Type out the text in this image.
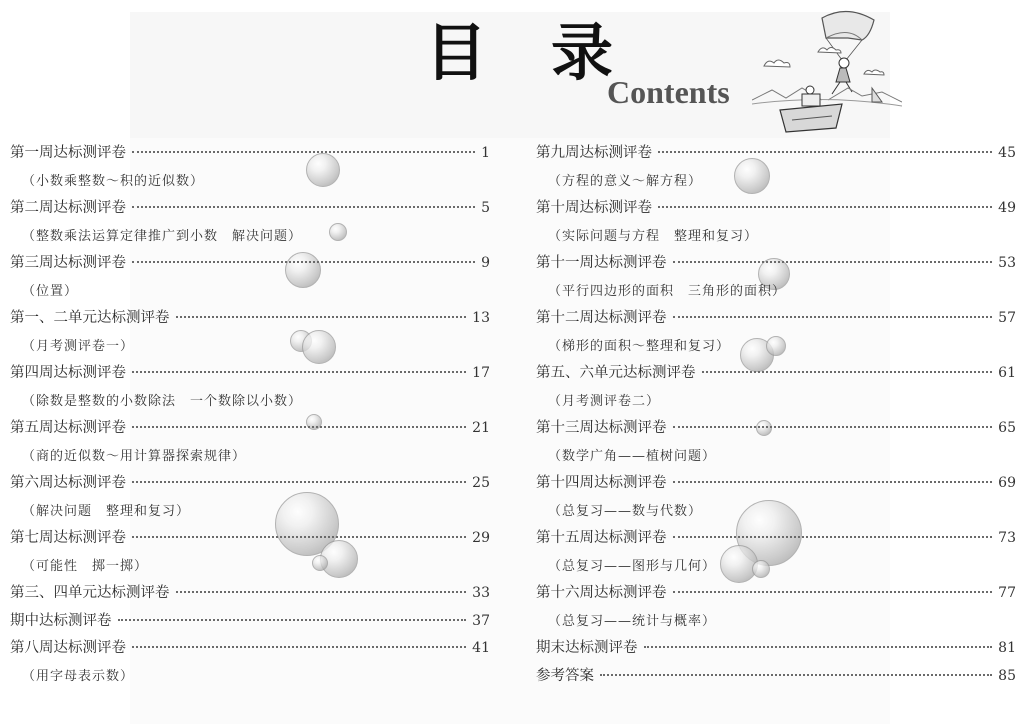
目录
Contents
第一周达标测评卷	1
（小数乘整数～积的近似数）
第二周达标测评卷	5
（整数乘法运算定律推广到小数　解决问题）
第三周达标测评卷	9
（位置）
第一、二单元达标测评卷	13
（月考测评卷一）
第四周达标测评卷	17
（除数是整数的小数除法　一个数除以小数）
第五周达标测评卷	21
（商的近似数～用计算器探索规律）
第六周达标测评卷	25
（解决问题　整理和复习）
第七周达标测评卷	29
（可能性　掷一掷）
第三、四单元达标测评卷	33
期中达标测评卷	37
第八周达标测评卷	41
（用字母表示数）
第九周达标测评卷	45
（方程的意义～解方程）
第十周达标测评卷	49
（实际问题与方程　整理和复习）
第十一周达标测评卷	53
（平行四边形的面积　三角形的面积）
第十二周达标测评卷	57
（梯形的面积～整理和复习）
第五、六单元达标测评卷	61
（月考测评卷二）
第十三周达标测评卷	65
（数学广角——植树问题）
第十四周达标测评卷	69
（总复习——数与代数）
第十五周达标测评卷	73
（总复习——图形与几何）
第十六周达标测评卷	77
（总复习——统计与概率）
期末达标测评卷	81
参考答案	85
